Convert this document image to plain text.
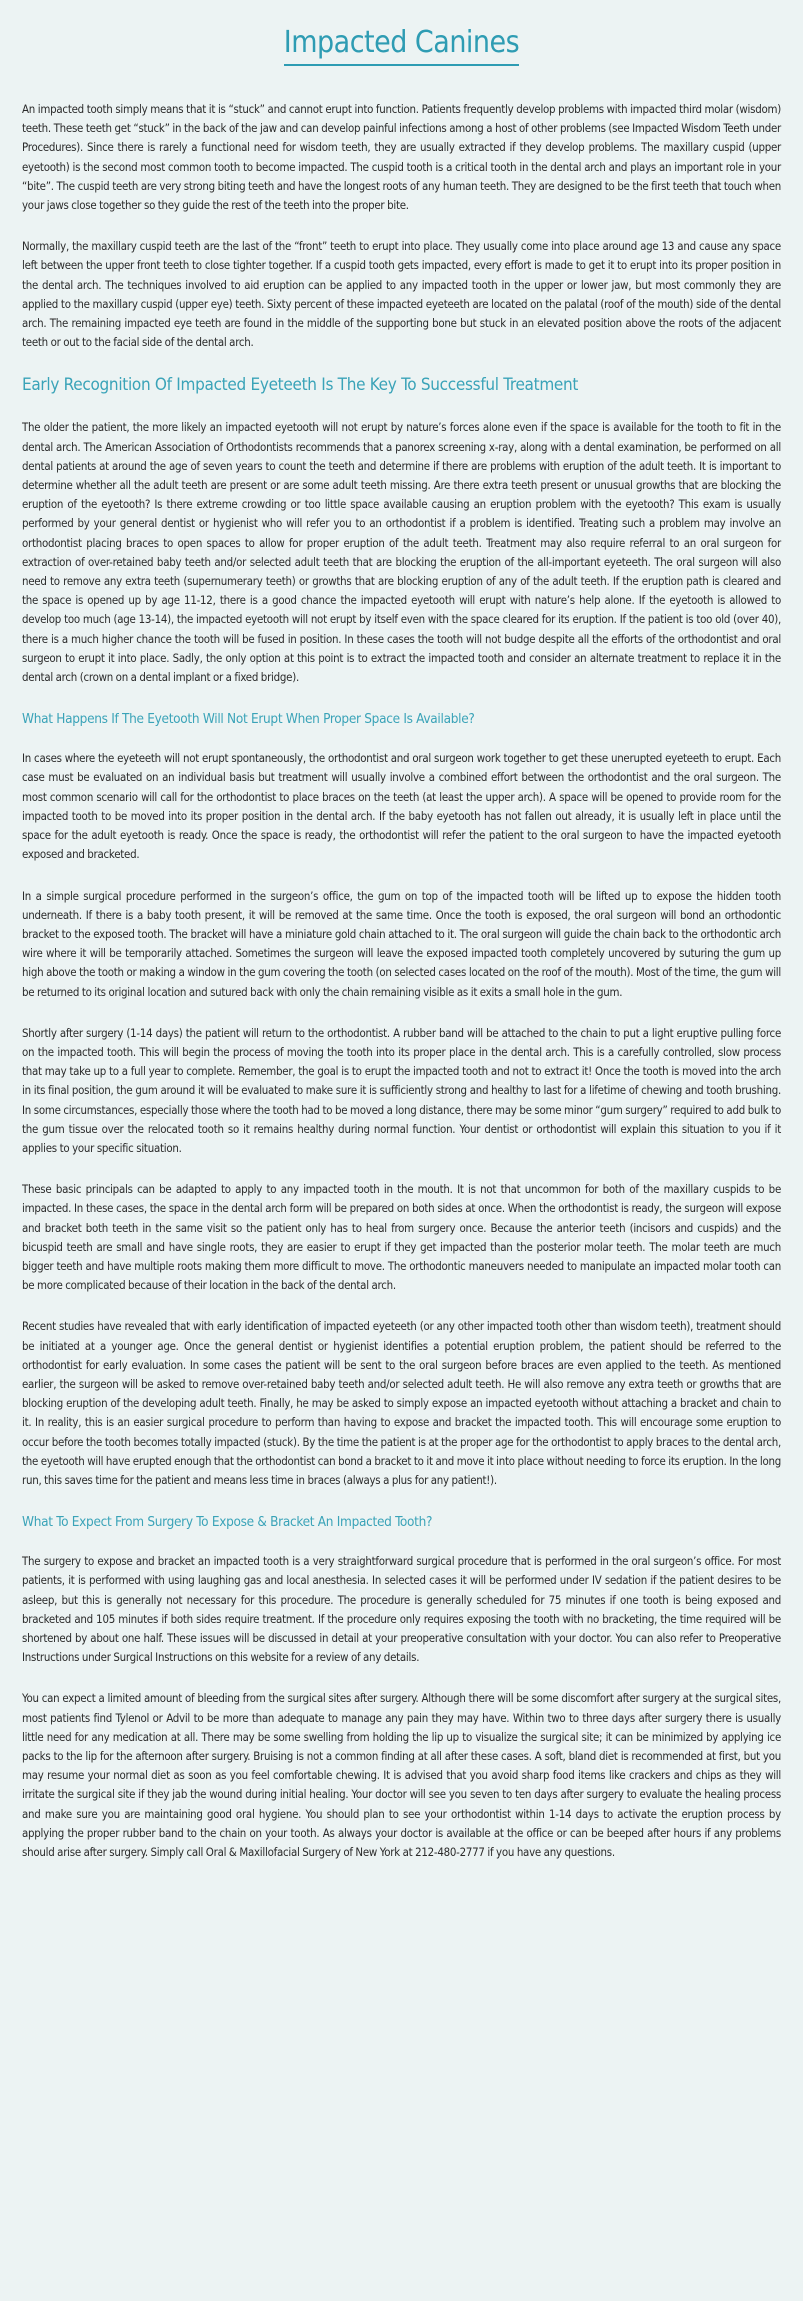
Impacted Canines

An impacted tooth simply means that it is “stuck” and cannot erupt into function. Patients frequently develop problems with impacted third molar (wisdom) teeth. These teeth get “stuck” in the back of the jaw and can develop painful infections among a host of other problems (see Impacted Wisdom Teeth under Procedures). Since there is rarely a functional need for wisdom teeth, they are usually extracted if they develop problems. The maxillary cuspid (upper eyetooth) is the second most common tooth to become impacted. The cuspid tooth is a critical tooth in the dental arch and plays an important role in your “bite”. The cuspid teeth are very strong biting teeth and have the longest roots of any human teeth. They are designed to be the first teeth that touch when your jaws close together so they guide the rest of the teeth into the proper bite.

Normally, the maxillary cuspid teeth are the last of the “front” teeth to erupt into place. They usually come into place around age 13 and cause any space left between the upper front teeth to close tighter together. If a cuspid tooth gets impacted, every effort is made to get it to erupt into its proper position in the dental arch. The techniques involved to aid eruption can be applied to any impacted tooth in the upper or lower jaw, but most commonly they are applied to the maxillary cuspid (upper eye) teeth. Sixty percent of these impacted eyeteeth are located on the palatal (roof of the mouth) side of the dental arch. The remaining impacted eye teeth are found in the middle of the supporting bone but stuck in an elevated position above the roots of the adjacent teeth or out to the facial side of the dental arch.

Early Recognition Of Impacted Eyeteeth Is The Key To Successful Treatment

The older the patient, the more likely an impacted eyetooth will not erupt by nature’s forces alone even if the space is available for the tooth to fit in the dental arch. The American Association of Orthodontists recommends that a panorex screening x-ray, along with a dental examination, be performed on all dental patients at around the age of seven years to count the teeth and determine if there are problems with eruption of the adult teeth. It is important to determine whether all the adult teeth are present or are some adult teeth missing. Are there extra teeth present or unusual growths that are blocking the eruption of the eyetooth? Is there extreme crowding or too little space available causing an eruption problem with the eyetooth? This exam is usually performed by your general dentist or hygienist who will refer you to an orthodontist if a problem is identified. Treating such a problem may involve an orthodontist placing braces to open spaces to allow for proper eruption of the adult teeth. Treatment may also require referral to an oral surgeon for extraction of over-retained baby teeth and/or selected adult teeth that are blocking the eruption of the all-important eyeteeth. The oral surgeon will also need to remove any extra teeth (supernumerary teeth) or growths that are blocking eruption of any of the adult teeth. If the eruption path is cleared and the space is opened up by age 11-12, there is a good chance the impacted eyetooth will erupt with nature’s help alone. If the eyetooth is allowed to develop too much (age 13-14), the impacted eyetooth will not erupt by itself even with the space cleared for its eruption. If the patient is too old (over 40), there is a much higher chance the tooth will be fused in position. In these cases the tooth will not budge despite all the efforts of the orthodontist and oral surgeon to erupt it into place. Sadly, the only option at this point is to extract the impacted tooth and consider an alternate treatment to replace it in the dental arch (crown on a dental implant or a fixed bridge).

What Happens If The Eyetooth Will Not Erupt When Proper Space Is Available?

In cases where the eyeteeth will not erupt spontaneously, the orthodontist and oral surgeon work together to get these unerupted eyeteeth to erupt. Each case must be evaluated on an individual basis but treatment will usually involve a combined effort between the orthodontist and the oral surgeon. The most common scenario will call for the orthodontist to place braces on the teeth (at least the upper arch). A space will be opened to provide room for the impacted tooth to be moved into its proper position in the dental arch. If the baby eyetooth has not fallen out already, it is usually left in place until the space for the adult eyetooth is ready. Once the space is ready, the orthodontist will refer the patient to the oral surgeon to have the impacted eyetooth exposed and bracketed.

In a simple surgical procedure performed in the surgeon’s office, the gum on top of the impacted tooth will be lifted up to expose the hidden tooth underneath. If there is a baby tooth present, it will be removed at the same time. Once the tooth is exposed, the oral surgeon will bond an orthodontic bracket to the exposed tooth. The bracket will have a miniature gold chain attached to it. The oral surgeon will guide the chain back to the orthodontic arch wire where it will be temporarily attached. Sometimes the surgeon will leave the exposed impacted tooth completely uncovered by suturing the gum up high above the tooth or making a window in the gum covering the tooth (on selected cases located on the roof of the mouth). Most of the time, the gum will be returned to its original location and sutured back with only the chain remaining visible as it exits a small hole in the gum.

Shortly after surgery (1-14 days) the patient will return to the orthodontist. A rubber band will be attached to the chain to put a light eruptive pulling force on the impacted tooth. This will begin the process of moving the tooth into its proper place in the dental arch. This is a carefully controlled, slow process that may take up to a full year to complete. Remember, the goal is to erupt the impacted tooth and not to extract it! Once the tooth is moved into the arch in its final position, the gum around it will be evaluated to make sure it is sufficiently strong and healthy to last for a lifetime of chewing and tooth brushing. In some circumstances, especially those where the tooth had to be moved a long distance, there may be some minor “gum surgery” required to add bulk to the gum tissue over the relocated tooth so it remains healthy during normal function. Your dentist or orthodontist will explain this situation to you if it applies to your specific situation.

These basic principals can be adapted to apply to any impacted tooth in the mouth. It is not that uncommon for both of the maxillary cuspids to be impacted. In these cases, the space in the dental arch form will be prepared on both sides at once. When the orthodontist is ready, the surgeon will expose and bracket both teeth in the same visit so the patient only has to heal from surgery once. Because the anterior teeth (incisors and cuspids) and the bicuspid teeth are small and have single roots, they are easier to erupt if they get impacted than the posterior molar teeth. The molar teeth are much bigger teeth and have multiple roots making them more difficult to move. The orthodontic maneuvers needed to manipulate an impacted molar tooth can be more complicated because of their location in the back of the dental arch.

Recent studies have revealed that with early identification of impacted eyeteeth (or any other impacted tooth other than wisdom teeth), treatment should be initiated at a younger age. Once the general dentist or hygienist identifies a potential eruption problem, the patient should be referred to the orthodontist for early evaluation. In some cases the patient will be sent to the oral surgeon before braces are even applied to the teeth. As mentioned earlier, the surgeon will be asked to remove over-retained baby teeth and/or selected adult teeth. He will also remove any extra teeth or growths that are blocking eruption of the developing adult teeth. Finally, he may be asked to simply expose an impacted eyetooth without attaching a bracket and chain to it. In reality, this is an easier surgical procedure to perform than having to expose and bracket the impacted tooth. This will encourage some eruption to occur before the tooth becomes totally impacted (stuck). By the time the patient is at the proper age for the orthodontist to apply braces to the dental arch, the eyetooth will have erupted enough that the orthodontist can bond a bracket to it and move it into place without needing to force its eruption. In the long run, this saves time for the patient and means less time in braces (always a plus for any patient!).

What To Expect From Surgery To Expose & Bracket An Impacted Tooth?

The surgery to expose and bracket an impacted tooth is a very straightforward surgical procedure that is performed in the oral surgeon’s office. For most patients, it is performed with using laughing gas and local anesthesia. In selected cases it will be performed under IV sedation if the patient desires to be asleep, but this is generally not necessary for this procedure. The procedure is generally scheduled for 75 minutes if one tooth is being exposed and bracketed and 105 minutes if both sides require treatment. If the procedure only requires exposing the tooth with no bracketing, the time required will be shortened by about one half. These issues will be discussed in detail at your preoperative consultation with your doctor. You can also refer to Preoperative Instructions under Surgical Instructions on this website for a review of any details.

You can expect a limited amount of bleeding from the surgical sites after surgery. Although there will be some discomfort after surgery at the surgical sites, most patients find Tylenol or Advil to be more than adequate to manage any pain they may have. Within two to three days after surgery there is usually little need for any medication at all. There may be some swelling from holding the lip up to visualize the surgical site; it can be minimized by applying ice packs to the lip for the afternoon after surgery. Bruising is not a common finding at all after these cases. A soft, bland diet is recommended at first, but you may resume your normal diet as soon as you feel comfortable chewing. It is advised that you avoid sharp food items like crackers and chips as they will irritate the surgical site if they jab the wound during initial healing. Your doctor will see you seven to ten days after surgery to evaluate the healing process and make sure you are maintaining good oral hygiene. You should plan to see your orthodontist within 1-14 days to activate the eruption process by applying the proper rubber band to the chain on your tooth. As always your doctor is available at the office or can be beeped after hours if any problems should arise after surgery. Simply call Oral & Maxillofacial Surgery of New York at 212-480-2777 if you have any questions.
